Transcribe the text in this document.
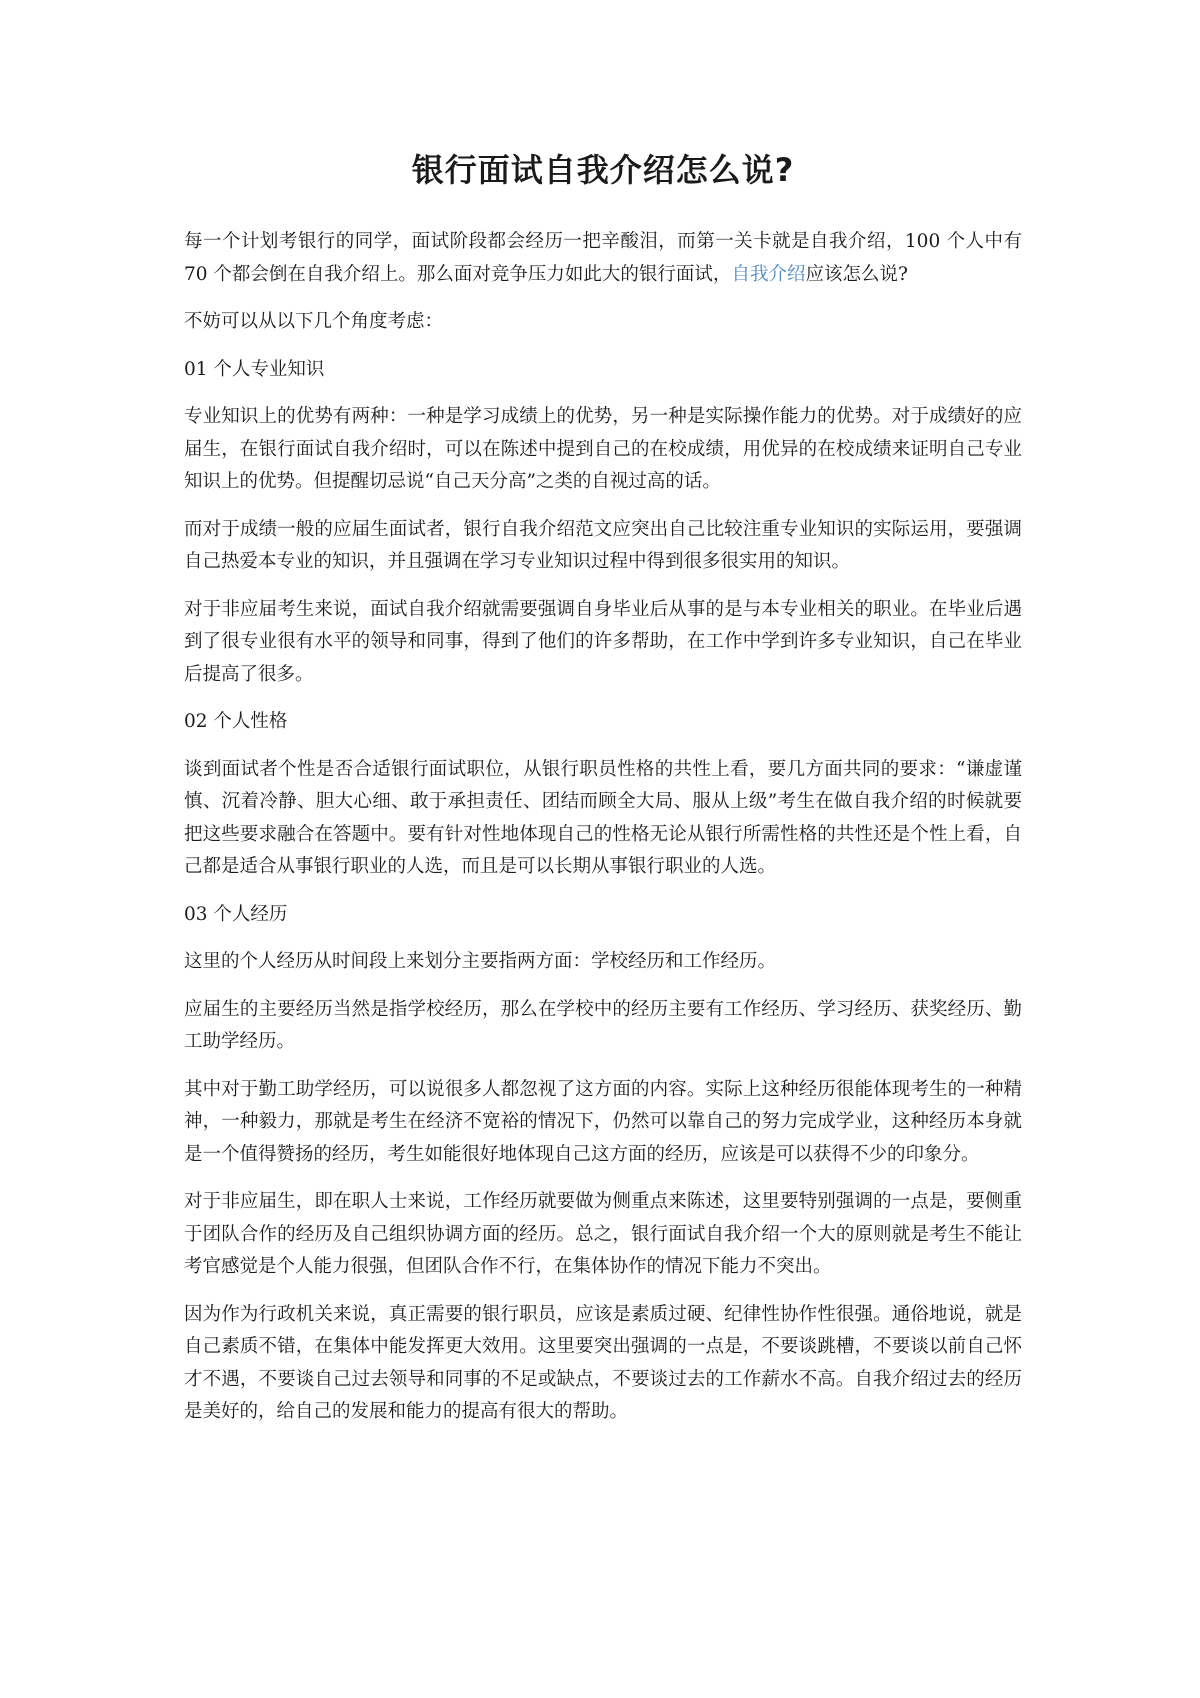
银行面试自我介绍怎么说?

每一个计划考银行的同学，面试阶段都会经历一把辛酸泪，而第一关卡就是自我介绍，100 个人中有 70 个都会倒在自我介绍上。那么面对竞争压力如此大的银行面试，自我介绍应该怎么说?

不妨可以从以下几个角度考虑：

01 个人专业知识

专业知识上的优势有两种：一种是学习成绩上的优势，另一种是实际操作能力的优势。对于成绩好的应届生，在银行面试自我介绍时，可以在陈述中提到自己的在校成绩，用优异的在校成绩来证明自己专业知识上的优势。但提醒切忌说“自己天分高”之类的自视过高的话。

而对于成绩一般的应届生面试者，银行自我介绍范文应突出自己比较注重专业知识的实际运用，要强调自己热爱本专业的知识，并且强调在学习专业知识过程中得到很多很实用的知识。

对于非应届考生来说，面试自我介绍就需要强调自身毕业后从事的是与本专业相关的职业。在毕业后遇到了很专业很有水平的领导和同事，得到了他们的许多帮助，在工作中学到许多专业知识，自己在毕业后提高了很多。

02 个人性格

谈到面试者个性是否合适银行面试职位，从银行职员性格的共性上看，要几方面共同的要求：“谦虚谨慎、沉着冷静、胆大心细、敢于承担责任、团结而顾全大局、服从上级”考生在做自我介绍的时候就要把这些要求融合在答题中。要有针对性地体现自己的性格无论从银行所需性格的共性还是个性上看，自己都是适合从事银行职业的人选，而且是可以长期从事银行职业的人选。

03 个人经历

这里的个人经历从时间段上来划分主要指两方面：学校经历和工作经历。

应届生的主要经历当然是指学校经历，那么在学校中的经历主要有工作经历、学习经历、获奖经历、勤工助学经历。

其中对于勤工助学经历，可以说很多人都忽视了这方面的内容。实际上这种经历很能体现考生的一种精神，一种毅力，那就是考生在经济不宽裕的情况下，仍然可以靠自己的努力完成学业，这种经历本身就是一个值得赞扬的经历，考生如能很好地体现自己这方面的经历，应该是可以获得不少的印象分。

对于非应届生，即在职人士来说，工作经历就要做为侧重点来陈述，这里要特别强调的一点是，要侧重于团队合作的经历及自己组织协调方面的经历。总之，银行面试自我介绍一个大的原则就是考生不能让考官感觉是个人能力很强，但团队合作不行，在集体协作的情况下能力不突出。

因为作为行政机关来说，真正需要的银行职员，应该是素质过硬、纪律性协作性很强。通俗地说，就是自己素质不错，在集体中能发挥更大效用。这里要突出强调的一点是，不要谈跳槽，不要谈以前自己怀才不遇，不要谈自己过去领导和同事的不足或缺点，不要谈过去的工作薪水不高。自我介绍过去的经历是美好的，给自己的发展和能力的提高有很大的帮助。
